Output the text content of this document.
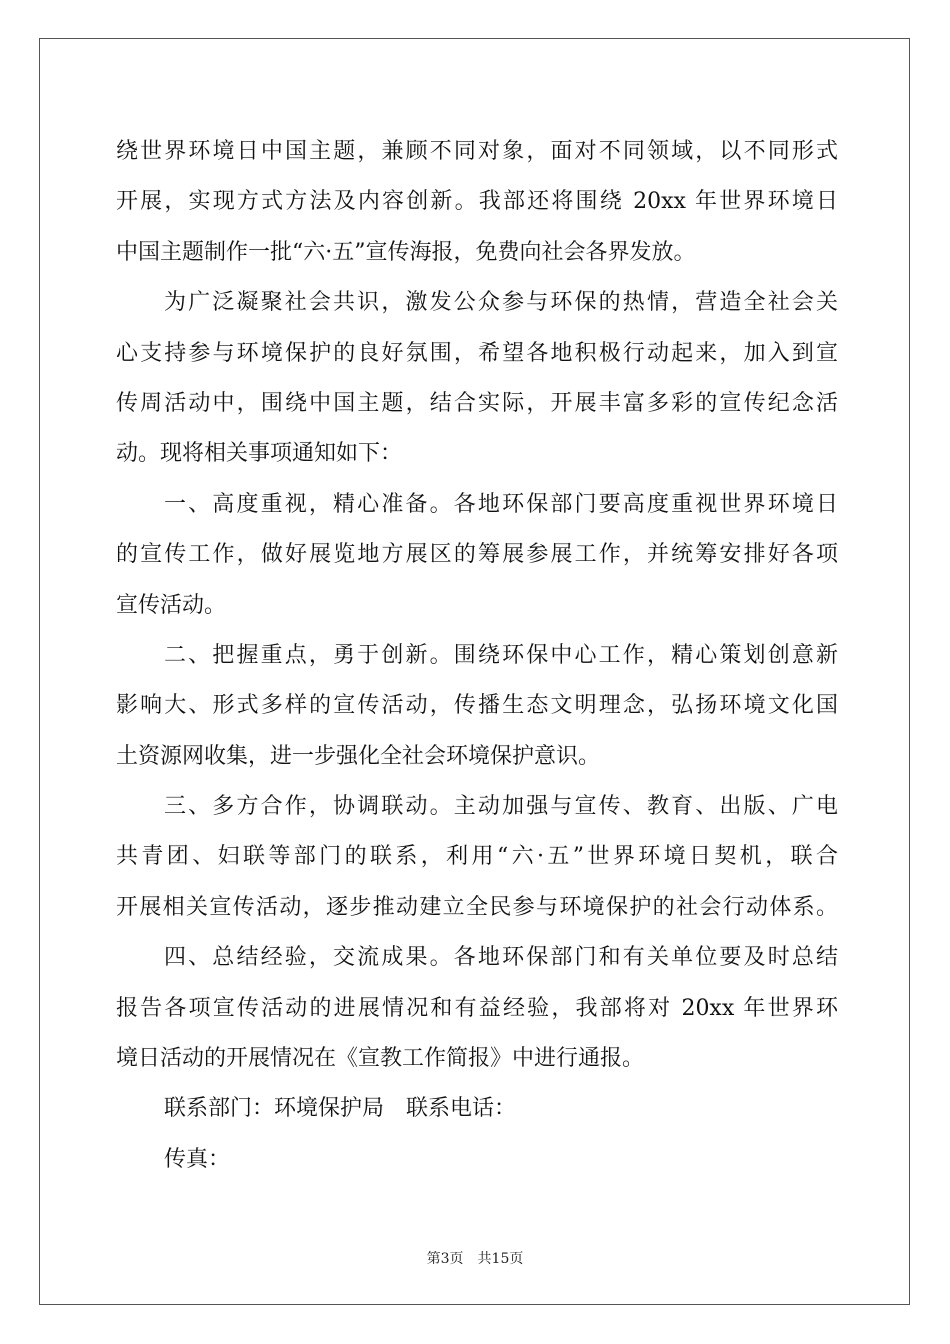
绕世界环境日中国主题，兼顾不同对象，面对不同领域，以不同形式
开展，实现方式方法及内容创新。我部还将围绕 20xx 年世界环境日
中国主题制作一批“六·五”宣传海报，免费向社会各界发放。
为广泛凝聚社会共识，激发公众参与环保的热情，营造全社会关
心支持参与环境保护的良好氛围，希望各地积极行动起来，加入到宣
传周活动中，围绕中国主题，结合实际，开展丰富多彩的宣传纪念活
动。现将相关事项通知如下：
一、高度重视，精心准备。各地环保部门要高度重视世界环境日
的宣传工作，做好展览地方展区的筹展参展工作，并统筹安排好各项
宣传活动。
二、把握重点，勇于创新。围绕环保中心工作，精心策划创意新
影响大、形式多样的宣传活动，传播生态文明理念，弘扬环境文化国
土资源网收集，进一步强化全社会环境保护意识。
三、多方合作，协调联动。主动加强与宣传、教育、出版、广电
共青团、妇联等部门的联系，利用“六·五”世界环境日契机，联合
开展相关宣传活动，逐步推动建立全民参与环境保护的社会行动体系。
四、总结经验，交流成果。各地环保部门和有关单位要及时总结
报告各项宣传活动的进展情况和有益经验，我部将对 20xx 年世界环
境日活动的开展情况在《宣教工作简报》中进行通报。
联系部门：环境保护局　联系电话：
传真：
第3页 共15页
